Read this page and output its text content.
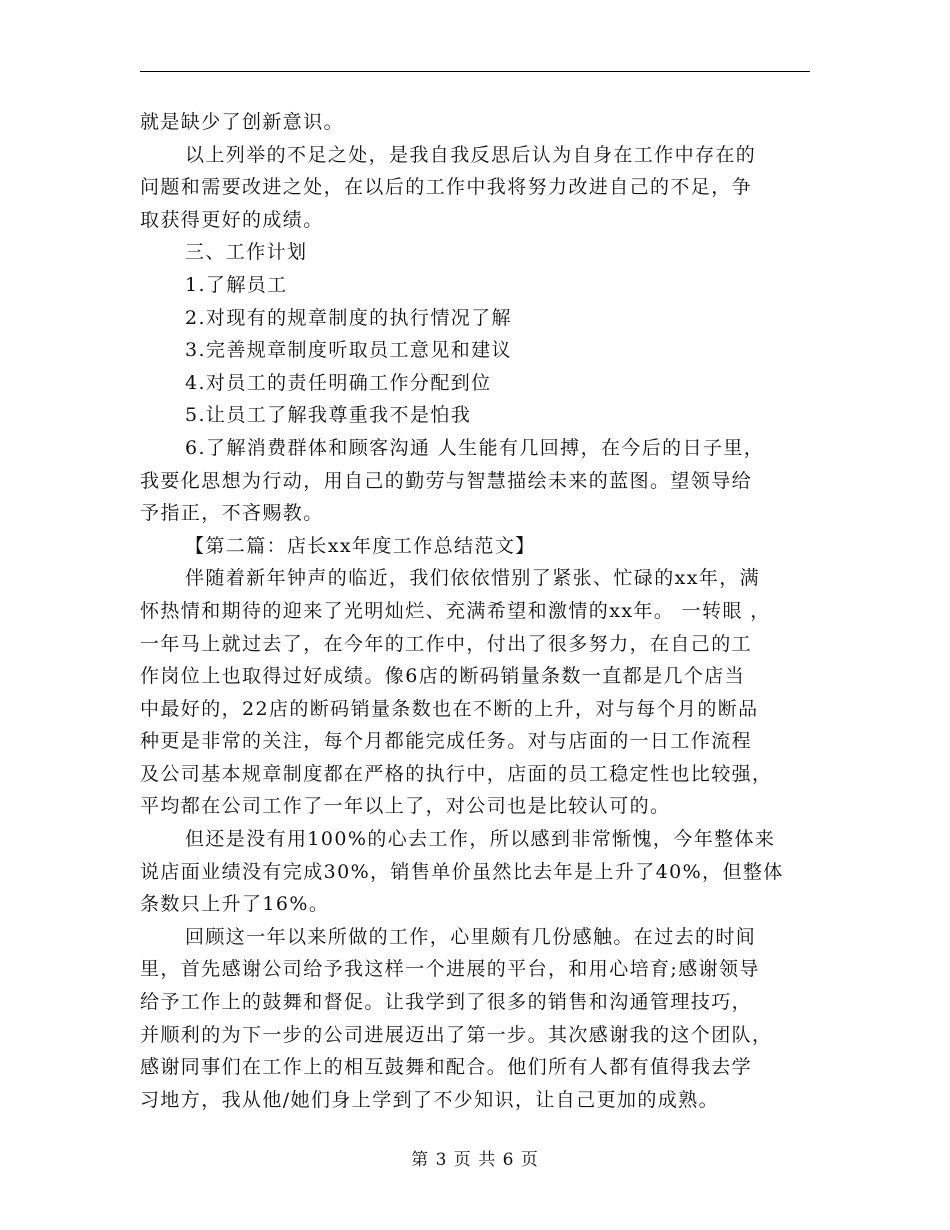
就是缺少了创新意识。
以上列举的不足之处，是我自我反思后认为自身在工作中存在的
问题和需要改进之处，在以后的工作中我将努力改进自己的不足，争
取获得更好的成绩。
三、工作计划
1.了解员工
2.对现有的规章制度的执行情况了解
3.完善规章制度听取员工意见和建议
4.对员工的责任明确工作分配到位
5.让员工了解我尊重我不是怕我
6.了解消费群体和顾客沟通 人生能有几回搏，在今后的日子里，
我要化思想为行动，用自己的勤劳与智慧描绘未来的蓝图。望领导给
予指正，不吝赐教。
【第二篇：店长xx年度工作总结范文】
伴随着新年钟声的临近，我们依依惜别了紧张、忙碌的xx年，满
怀热情和期待的迎来了光明灿烂、充满希望和激情的xx年。 一转眼 ，
一年马上就过去了，在今年的工作中，付出了很多努力，在自己的工
作岗位上也取得过好成绩。像6店的断码销量条数一直都是几个店当
中最好的，22店的断码销量条数也在不断的上升，对与每个月的断品
种更是非常的关注，每个月都能完成任务。对与店面的一日工作流程
及公司基本规章制度都在严格的执行中，店面的员工稳定性也比较强，
平均都在公司工作了一年以上了，对公司也是比较认可的。
但还是没有用100%的心去工作，所以感到非常惭愧，今年整体来
说店面业绩没有完成30%，销售单价虽然比去年是上升了40%，但整体
条数只上升了16%。
回顾这一年以来所做的工作，心里颇有几份感触。在过去的时间
里，首先感谢公司给予我这样一个进展的平台，和用心培育;感谢领导
给予工作上的鼓舞和督促。让我学到了很多的销售和沟通管理技巧，
并顺利的为下一步的公司进展迈出了第一步。其次感谢我的这个团队，
感谢同事们在工作上的相互鼓舞和配合。他们所有人都有值得我去学
习地方，我从他/她们身上学到了不少知识，让自己更加的成熟。
第 3 页 共 6 页
